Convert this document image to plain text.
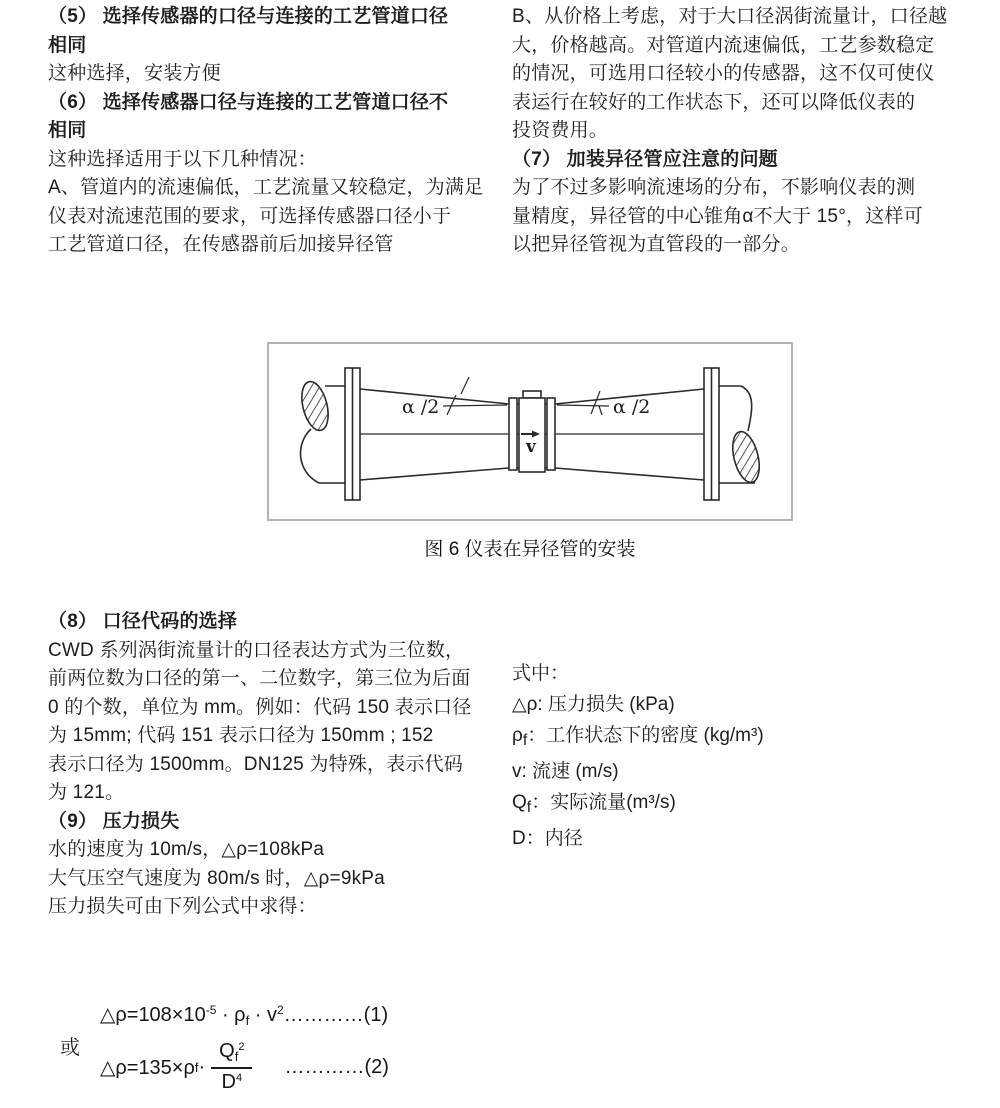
（5） 选择传感器的口径与连接的工艺管道口径
相同
这种选择，安装方便
（6） 选择传感器口径与连接的工艺管道口径不
相同
这种选择适用于以下几种情况：
A、管道内的流速偏低，工艺流量又较稳定，为满足
仪表对流速范围的要求，可选择传感器口径小于
工艺管道口径，在传感器前后加接异径管
B、从价格上考虑，对于大口径涡街流量计，口径越
大，价格越高。对管道内流速偏低，工艺参数稳定
的情况，可选用口径较小的传感器，这不仅可使仪
表运行在较好的工作状态下，还可以降低仪表的
投资费用。
（7） 加装异径管应注意的问题
为了不过多影响流速场的分布，不影响仪表的测
量精度，异径管的中心锥角α不大于 15°，这样可
以把异径管视为直管段的一部分。
α /2	α /2
v
图 6 仪表在异径管的安装
（8） 口径代码的选择
CWD 系列涡街流量计的口径表达方式为三位数，
前两位数为口径的第一、二位数字，第三位为后面
0 的个数，单位为 mm。例如：代码 150 表示口径
为 15mm; 代码 151 表示口径为 150mm ; 152
表示口径为 1500mm。DN125 为特殊，表示代码
为 121。
（9） 压力损失
水的速度为 10m/s，△ρ=108kPa
大气压空气速度为 80m/s 时，△ρ=9kPa
压力损失可由下列公式中求得：
式中：
△ρ: 压力损失 (kPa)
$\rho_f$：工作状态下的密度 (kg/m³)
v: 流速 (m/s)
$Q_f$：实际流量(m³/s)
D：内径
或
$\triangle\rho=108\times 10^{-5} \cdot \rho_f$ · $v^2\dots\dots\dots\dots(1)$
△ρ=135×ρ $f \cdot \frac{Q_f^2}{D^4}$ …………(2)
